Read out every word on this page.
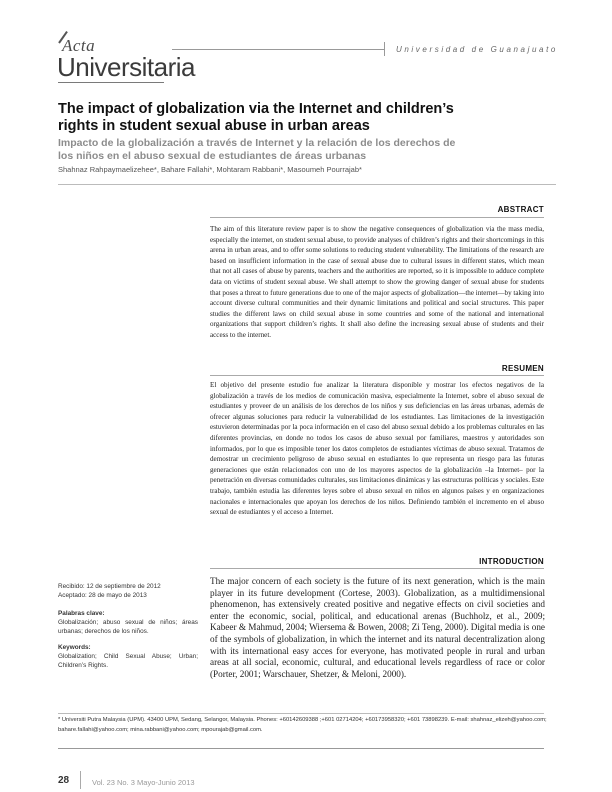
Acta
Universitaria
Universidad de Guanajuato
The impact of globalization via the Internet and children’s rights in student sexual abuse in urban areas
Impacto de la globalización a través de Internet y la relación de los derechos de los niños en el abuso sexual de estudiantes de áreas urbanas
Shahnaz Rahpaymaelizehee*, Bahare Fallahi*, Mohtaram Rabbani*, Masoumeh Pourrajab*
ABSTRACT
The aim of this literature review paper is to show the negative consequences of globalization via the mass media, especially the internet, on student sexual abuse, to provide analyses of children’s rights and their shortcomings in this arena in urban areas, and to offer some solutions to reducing student vulnerability. The limitations of the research are based on insufficient information in the case of sexual abuse due to cultural issues in different states, which mean that not all cases of abuse by parents, teachers and the authorities are reported, so it is impossible to adduce complete data on victims of student sexual abuse. We shall attempt to show the growing danger of sexual abuse for students that poses a threat to future generations due to one of the major aspects of globalization—the internet—by taking into account diverse cultural communities and their dynamic limitations and political and social structures. This paper studies the different laws on child sexual abuse in some countries and some of the national and international organizations that support children’s rights. It shall also define the increasing sexual abuse of students and their access to the internet.
RESUMEN
El objetivo del presente estudio fue analizar la literatura disponible y mostrar los efectos negativos de la globalización a través de los medios de comunicación masiva, especialmente la Internet, sobre el abuso sexual de estudiantes y proveer de un análisis de los derechos de los niños y sus deficiencias en las áreas urbanas, además de ofrecer algunas soluciones para reducir la vulnerabilidad de los estudiantes. Las limitaciones de la investigación estuvieron determinadas por la poca información en el caso del abuso sexual debido a los problemas culturales en las diferentes provincias, en donde no todos los casos de abuso sexual por familiares, maestros y autoridades son informados, por lo que es imposible tener los datos completos de estudiantes víctimas de abuso sexual. Tratamos de demostrar un crecimiento peligroso de abuso sexual en estudiantes lo que representa un riesgo para las futuras generaciones que están relacionados con uno de los mayores aspectos de la globalización –la Internet– por la penetración en diversas comunidades culturales, sus limitaciones dinámicas y las estructuras políticas y sociales. Este trabajo, también estudia las diferentes leyes sobre el abuso sexual en niños en algunos países y en organizaciones nacionales e internacionales que apoyan los derechos de los niños. Definiendo también el incremento en el abuso sexual de estudiantes y el acceso a Internet.
INTRODUCTION
The major concern of each society is the future of its next generation, which is the main player in its future development (Cortese, 2003). Globalization, as a multidimensional phenomenon, has extensively created positive and negative effects on civil societies and enter the economic, social, political, and educational arenas (Buchholz, et al., 2009; Kabeer & Mahmud, 2004; Wiersema & Bowen, 2008; Zi Teng, 2000). Digital media is one of the symbols of globalization, in which the internet and its natural decentralization along with its international easy acces for everyone, has motivated people in rural and urban areas at all social, economic, cultural, and educational levels regardless of race or color (Porter, 2001; Warschauer, Shetzer, & Meloni, 2000).
Recibido: 12 de septiembre de 2012
Aceptado: 28 de mayo de 2013
Palabras clave:
Globalización; abuso sexual de niños; áreas urbanas; derechos de los niños.
Keywords:
Globalization; Child Sexual Abuse; Urban; Children’s Rights.
* Universiti Putra Malaysia (UPM). 43400 UPM, Sedang, Selangor, Malaysia. Phones: +60142609388 ;+601 02714204; +60173958320; +601 73898239. E-mail: shahnaz_elizeh@yahoo.com; bahare.fallahi@yahoo.com; mina.rabbani@yahoo.com; mpourajab@gmail.com.
28	Vol. 23 No. 3 Mayo-Junio 2013
